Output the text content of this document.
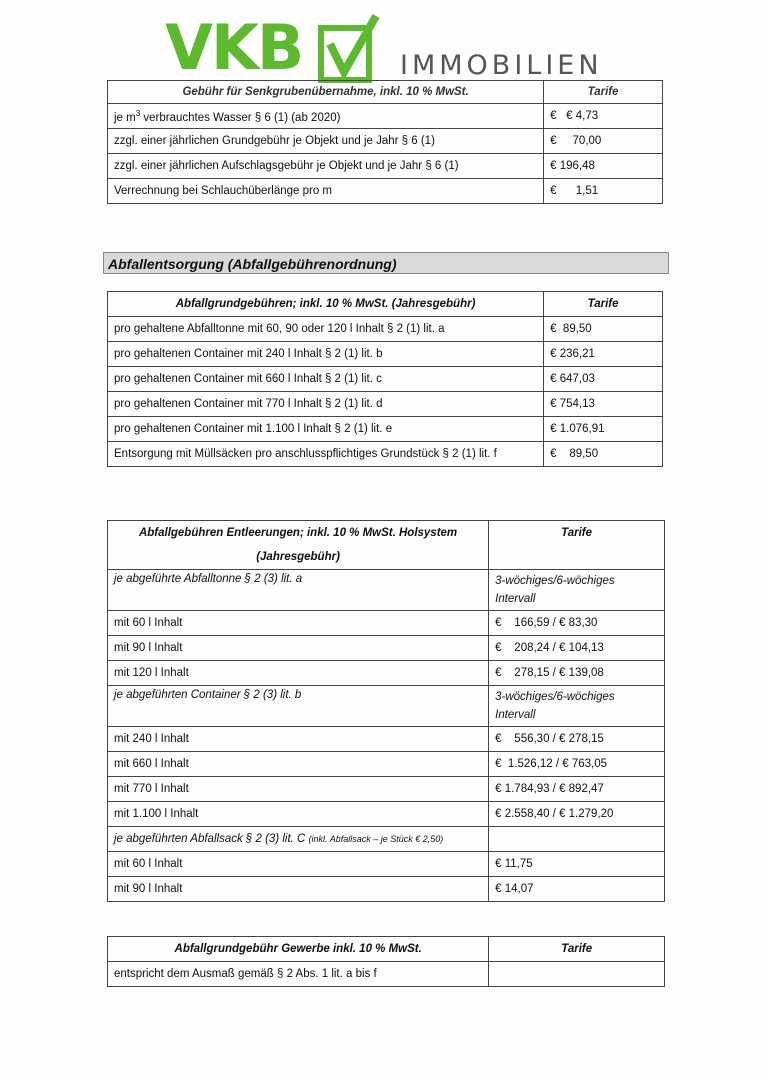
VKB	IMMOBILIEN
Gebühr für Senkgrubenübernahme, inkl. 10 % MwSt.	Tarife
je $m^3$ verbrauchtes Wasser § 6 (1) (ab 2020)	€   € 4,73
zzgl. einer jährlichen Grundgebühr je Objekt und je Jahr § 6 (1)	€     70,00
zzgl. einer jährlichen Aufschlagsgebühr je Objekt und je Jahr § 6 (1)	€ 196,48
Verrechnung bei Schlauchüberlänge pro m	€      1,51
Abfallentsorgung (Abfallgebührenordnung)
Abfallgrundgebühren; inkl. 10 % MwSt. (Jahresgebühr)	Tarife
pro gehaltene Abfalltonne mit 60, 90 oder 120 l Inhalt § 2 (1) lit. a	€  89,50
pro gehaltenen Container mit 240 l Inhalt § 2 (1) lit. b	€ 236,21
pro gehaltenen Container mit 660 l Inhalt § 2 (1) lit. c	€ 647,03
pro gehaltenen Container mit 770 l Inhalt § 2 (1) lit. d	€ 754,13
pro gehaltenen Container mit 1.100 l Inhalt § 2 (1) lit. e	€ 1.076,91
Entsorgung mit Müllsäcken pro anschlusspflichtiges Grundstück § 2 (1) lit. f	€    89,50
Abfallgebühren Entleerungen; inkl. 10 % MwSt. Holsystem
(Jahresgebühr)	Tarife
je abgeführte Abfalltonne § 2 (3) lit. a	3-wöchiges/6-wöchiges
Intervall

mit 60 l Inhalt	€    166,59 / € 83,30
mit 90 l Inhalt	€    208,24 / € 104,13
mit 120 l Inhalt	€    278,15 / € 139,08
je abgeführten Container § 2 (3) lit. b	3-wöchiges/6-wöchiges
Intervall

mit 240 l Inhalt	€    556,30 / € 278,15
mit 660 l Inhalt	€  1.526,12 / € 763,05
mit 770 l Inhalt	€ 1.784,93 / € 892,47
mit 1.100 l Inhalt	€ 2.558,40 / € 1.279,20
je abgeführten Abfallsack § 2 (3) lit. C (inkl. Abfallsack – je Stück € 2,50)	
mit 60 l Inhalt	€ 11,75
mit 90 l Inhalt	€ 14,07
Abfallgrundgebühr Gewerbe inkl. 10 % MwSt.	Tarife
entspricht dem Ausmaß gemäß § 2 Abs. 1 lit. a bis f	
